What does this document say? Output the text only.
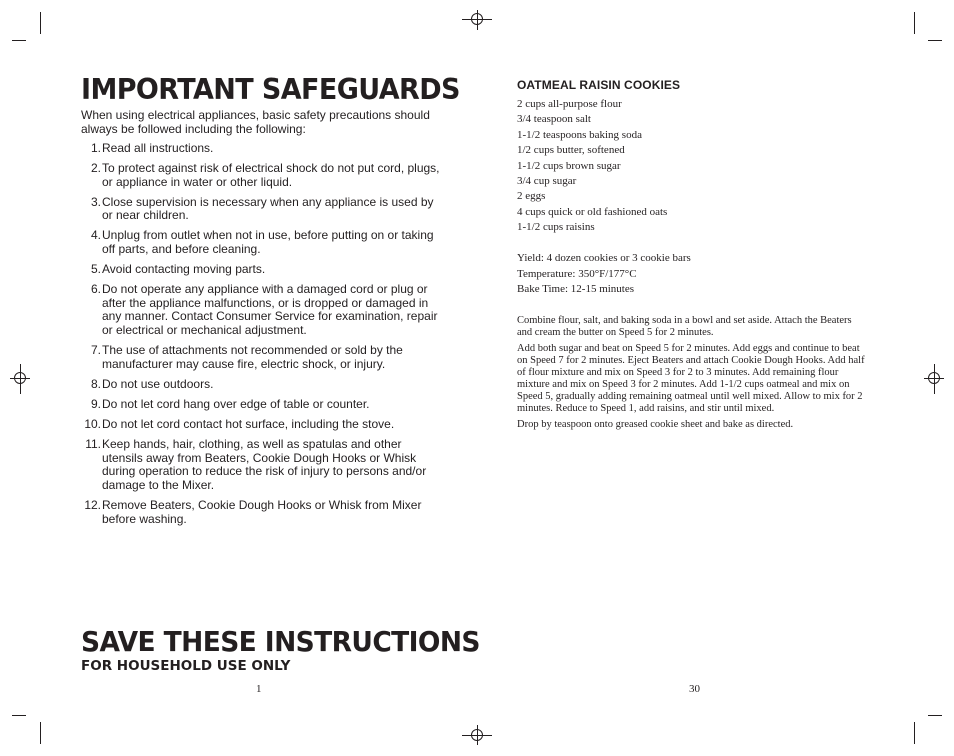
IMPORTANT SAFEGUARDS

When using electrical appliances, basic safety precautions should always be followed including the following:

1. Read all instructions.
2. To protect against risk of electrical shock do not put cord, plugs, or appliance in water or other liquid.
3. Close supervision is necessary when any appliance is used by or near children.
4. Unplug from outlet when not in use, before putting on or taking off parts, and before cleaning.
5. Avoid contacting moving parts.
6. Do not operate any appliance with a damaged cord or plug or after the appliance malfunctions, or is dropped or damaged in any manner. Contact Consumer Service for examination, repair or electrical or mechanical adjustment.
7. The use of attachments not recommended or sold by the manufacturer may cause fire, electric shock, or injury.
8. Do not use outdoors.
9. Do not let cord hang over edge of table or counter.
10. Do not let cord contact hot surface, including the stove.
11. Keep hands, hair, clothing, as well as spatulas and other utensils away from Beaters, Cookie Dough Hooks or Whisk during operation to reduce the risk of injury to persons and/or damage to the Mixer.
12. Remove Beaters, Cookie Dough Hooks or Whisk from Mixer before washing.
SAVE THESE INSTRUCTIONS
FOR HOUSEHOLD USE ONLY
1
OATMEAL RAISIN COOKIES
2 cups all-purpose flour
3/4 teaspoon salt
1-1/2 teaspoons baking soda
1/2 cups butter, softened
1-1/2 cups brown sugar
3/4 cup sugar
2 eggs
4 cups quick or old fashioned oats
1-1/2 cups raisins
Yield: 4 dozen cookies or 3 cookie bars
Temperature: 350°F/177°C
Bake Time: 12-15 minutes

Combine flour, salt, and baking soda in a bowl and set aside. Attach the Beaters and cream the butter on Speed 5 for 2 minutes.

Add both sugar and beat on Speed 5 for 2 minutes. Add eggs and continue to beat on Speed 7 for 2 minutes. Eject Beaters and attach Cookie Dough Hooks. Add half of flour mixture and mix on Speed 3 for 2 to 3 minutes. Add remaining flour mixture and mix on Speed 3 for 2 minutes. Add 1-1/2 cups oatmeal and mix on Speed 5, gradually adding remaining oatmeal until well mixed. Allow to mix for 2 minutes. Reduce to Speed 1, add raisins, and stir until mixed.

Drop by teaspoon onto greased cookie sheet and bake as directed.

30
